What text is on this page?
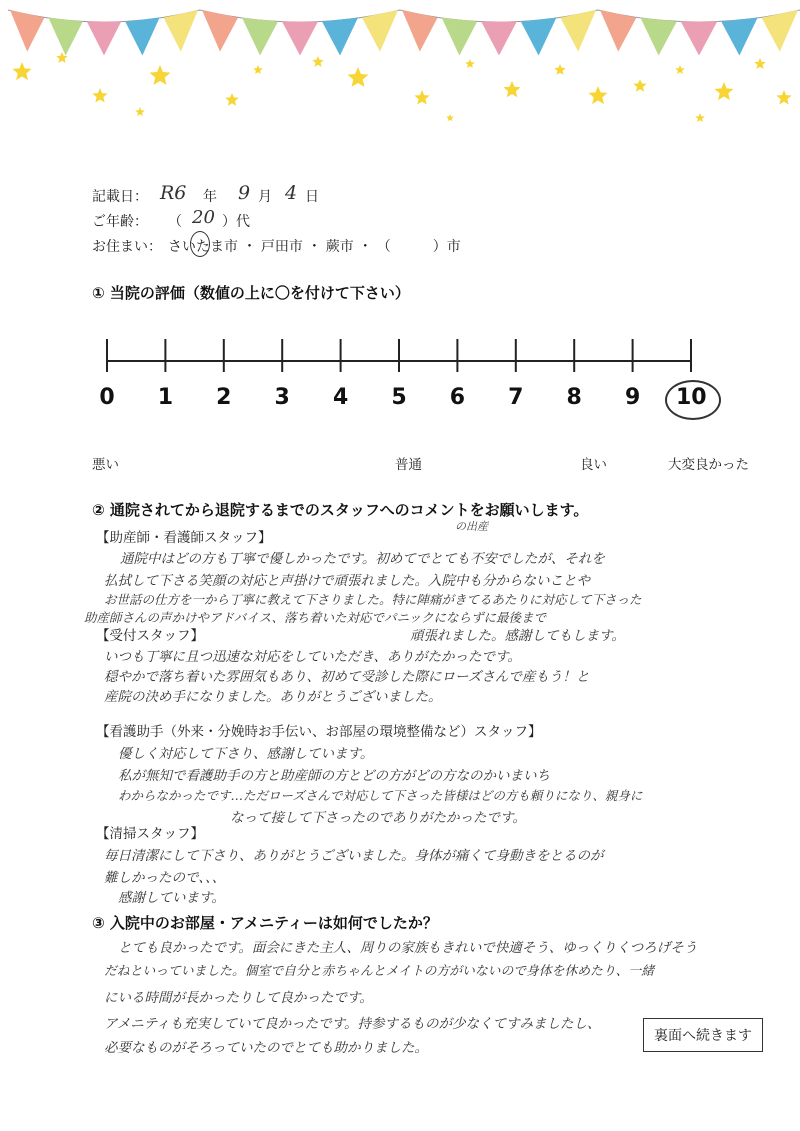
記載日： R6 年 9 月 4 日
ご年齢： （ 20 ）代
お住まい： さいたま市 ・ 戸田市 ・ 蕨市 ・ （　　　）市
① 当院の評価（数値の上に〇を付けて下さい）
0	1	2	3	4	5	6	7	8	9	10
悪い	普通	良い	大変良かった
② 通院されてから退院するまでのスタッフへのコメントをお願いします。
【助産師・看護師スタッフ】
の出産
通院中はどの方も丁寧で優しかったです。初めてでとても不安でしたが、それを
払拭して下さる笑顔の対応と声掛けで頑張れました。入院中も分からないことや
お世話の仕方を一から丁寧に教えて下さりました。特に陣痛がきてるあたりに対応して下さった
助産師さんの声かけやアドバイス、落ち着いた対応でパニックにならずに最後まで
頑張れました。感謝してもします。
【受付スタッフ】
いつも丁寧に且つ迅速な対応をしていただき、ありがたかったです。
穏やかで落ち着いた雰囲気もあり、初めて受診した際にローズさんで産もう！と
産院の決め手になりました。ありがとうございました。
【看護助手（外来・分娩時お手伝い、お部屋の環境整備など）スタッフ】
優しく対応して下さり、感謝しています。
私が無知で看護助手の方と助産師の方とどの方がどの方なのかいまいち
わからなかったです…ただローズさんで対応して下さった皆様はどの方も頼りになり、親身に
なって接して下さったのでありがたかったです。
【清掃スタッフ】
毎日清潔にして下さり、ありがとうございました。身体が痛くて身動きをとるのが
難しかったので、、、
感謝しています。
③ 入院中のお部屋・アメニティーは如何でしたか？
とても良かったです。面会にきた主人、周りの家族もきれいで快適そう、ゆっくりくつろげそう
だねといっていました。個室で自分と赤ちゃんとメイトの方がいないので身体を休めたり、一緒
にいる時間が長かったりして良かったです。
アメニティも充実していて良かったです。持参するものが少なくてすみましたし、
必要なものがそろっていたのでとても助かりました。
裏面へ続きます
